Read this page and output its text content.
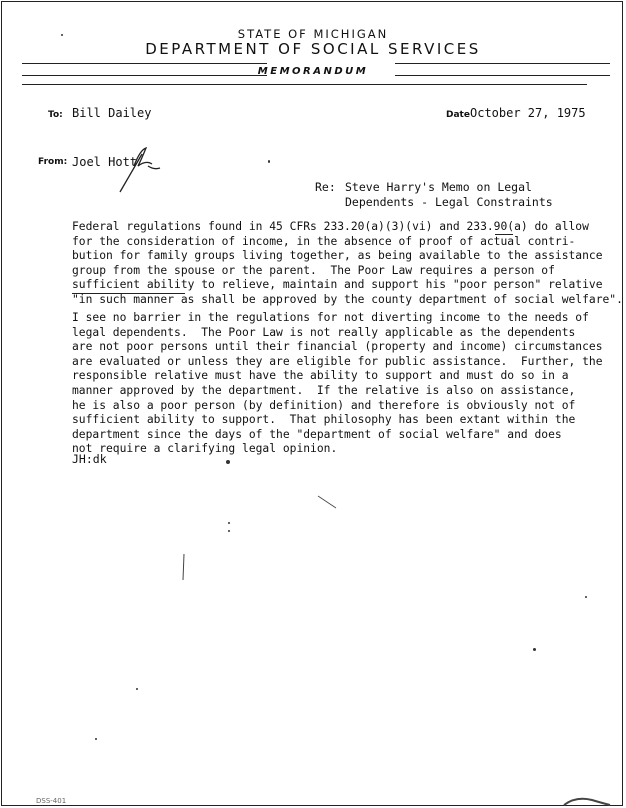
STATE OF MICHIGAN
DEPARTMENT OF SOCIAL SERVICES
MEMORANDUM
To: Bill Dailey	Date October 27, 1975
From: Joel Hott
Re: Steve Harry's Memo on Legal
Dependents - Legal Constraints

Federal regulations found in 45 CFRs 233.20(a)(3)(vi) and 233.90(a) do allow
for the consideration of income, in the absence of proof of actual contri-
bution for family groups living together, as being available to the assistance
group from the spouse or the parent.  The Poor Law requires a person of
sufficient ability to relieve, maintain and support his "poor person" relative
"in such manner as shall be approved by the county department of social welfare".

I see no barrier in the regulations for not diverting income to the needs of
legal dependents.  The Poor Law is not really applicable as the dependents
are not poor persons until their financial (property and income) circumstances
are evaluated or unless they are eligible for public assistance.  Further, the
responsible relative must have the ability to support and must do so in a
manner approved by the department.  If the relative is also on assistance,
he is also a poor person (by definition) and therefore is obviously not of
sufficient ability to support.  That philosophy has been extant within the
department since the days of the "department of social welfare" and does
not require a clarifying legal opinion.

JH:dk
DSS-401
